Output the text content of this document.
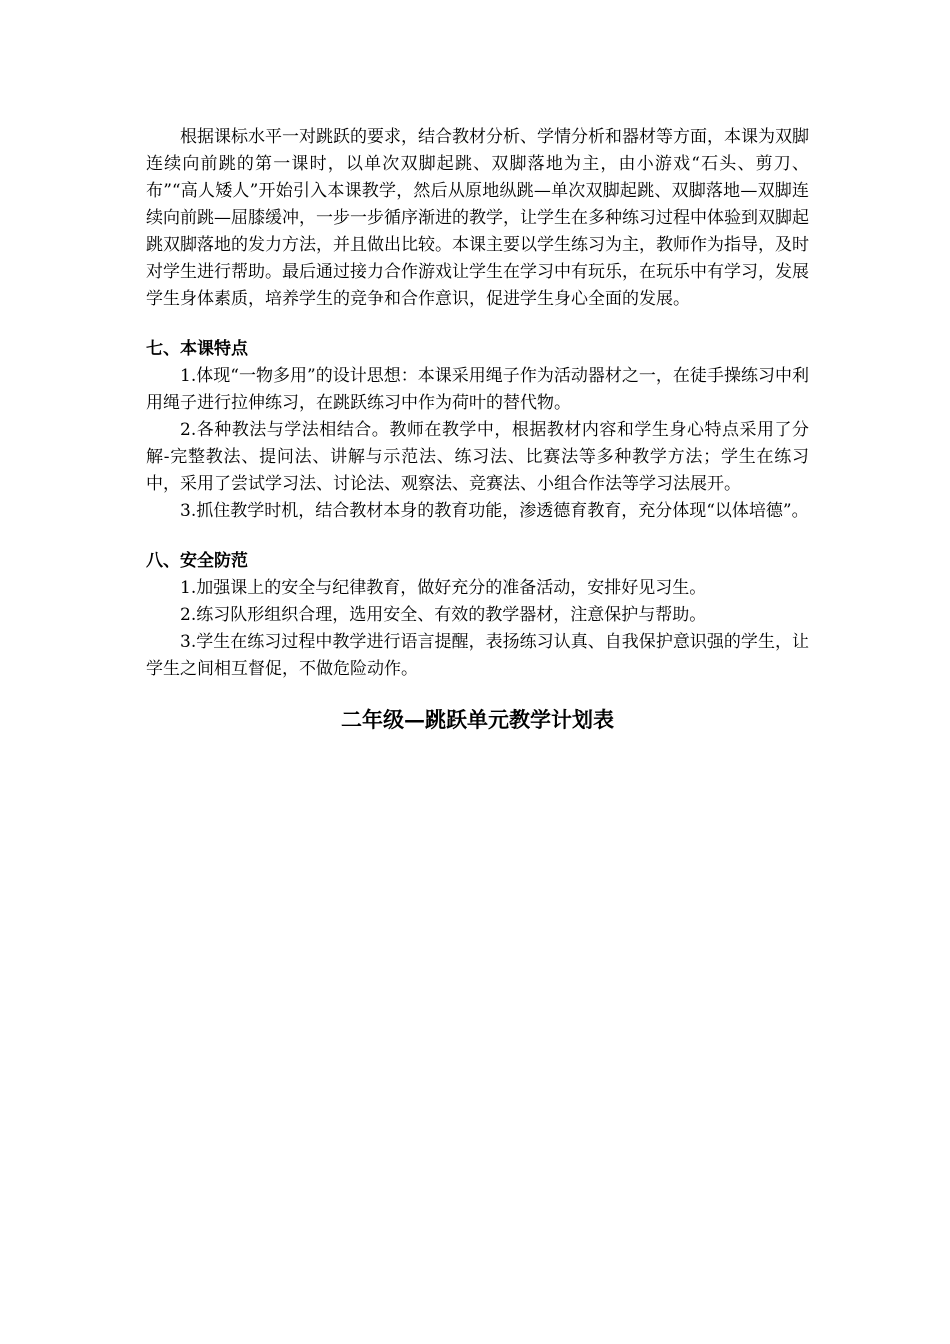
根据课标水平一对跳跃的要求，结合教材分析、学情分析和器材等方面，本课为双脚连续向前跳的第一课时，以单次双脚起跳、双脚落地为主，由小游戏“石头、剪刀、布”“高人矮人”开始引入本课教学，然后从原地纵跳—单次双脚起跳、双脚落地—双脚连续向前跳—屈膝缓冲，一步一步循序渐进的教学，让学生在多种练习过程中体验到双脚起跳双脚落地的发力方法，并且做出比较。本课主要以学生练习为主，教师作为指导，及时对学生进行帮助。最后通过接力合作游戏让学生在学习中有玩乐，在玩乐中有学习，发展学生身体素质，培养学生的竞争和合作意识，促进学生身心全面的发展。

七、本课特点

1.体现“一物多用”的设计思想：本课采用绳子作为活动器材之一，在徒手操练习中利用绳子进行拉伸练习，在跳跃练习中作为荷叶的替代物。

2.各种教法与学法相结合。教师在教学中，根据教材内容和学生身心特点采用了分解-完整教法、提问法、讲解与示范法、练习法、比赛法等多种教学方法；学生在练习中，采用了尝试学习法、讨论法、观察法、竞赛法、小组合作法等学习法展开。

3.抓住教学时机，结合教材本身的教育功能，渗透德育教育，充分体现“以体培德”。

八、安全防范

1.加强课上的安全与纪律教育，做好充分的准备活动，安排好见习生。

2.练习队形组织合理，选用安全、有效的教学器材，注意保护与帮助。

3.学生在练习过程中教学进行语言提醒，表扬练习认真、自我保护意识强的学生，让学生之间相互督促，不做危险动作。

二年级—跳跃单元教学计划表
